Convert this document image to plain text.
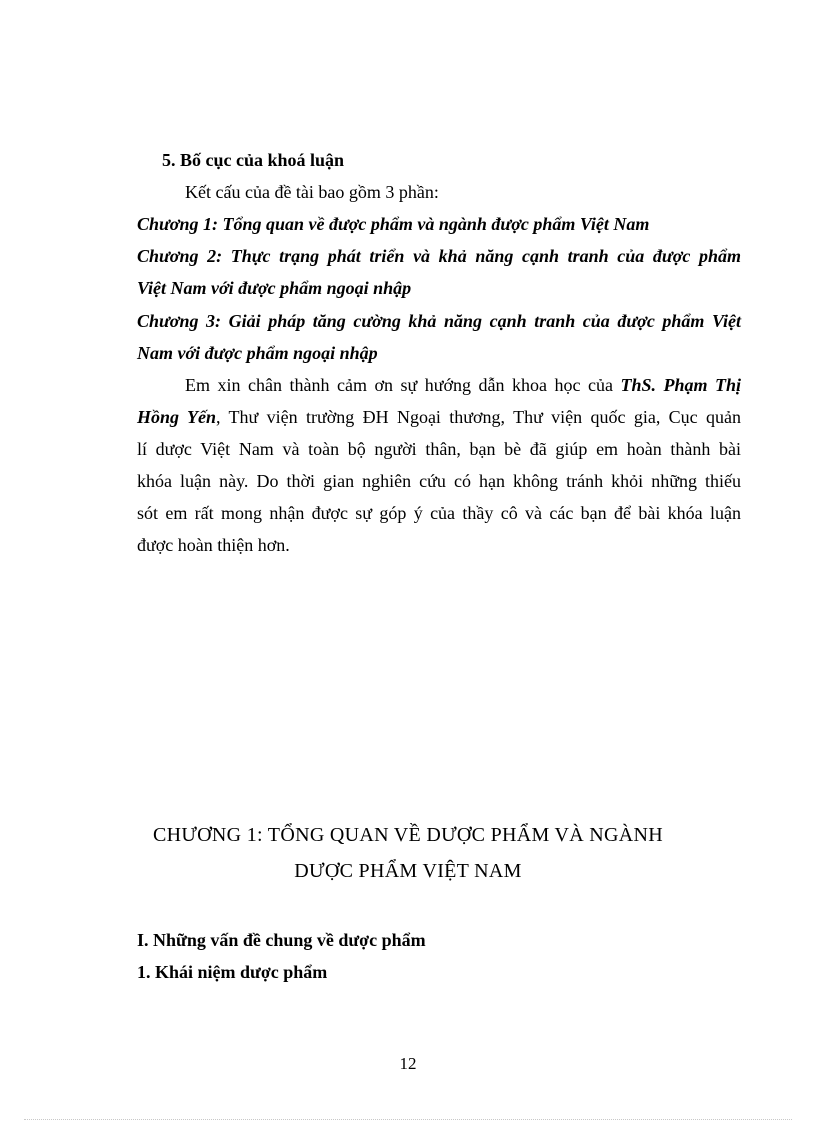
5. Bố cục của khoá luận
Kết cấu của đề tài bao gồm 3 phần:
Chương 1: Tổng quan về được phẩm và ngành được phẩm Việt Nam
Chương 2: Thực trạng phát triển và khả năng cạnh tranh của được phẩm
Việt Nam với được phẩm ngoại nhập
Chương 3: Giải pháp tăng cường khả năng cạnh tranh của được phẩm Việt
Nam với được phẩm ngoại nhập
Em xin chân thành cảm ơn sự hướng dẫn khoa học của ThS. Phạm Thị
Hồng Yến, Thư viện trường ĐH Ngoại thương, Thư viện quốc gia, Cục quản
lí dược Việt Nam và toàn bộ người thân, bạn bè đã giúp em hoàn thành bài
khóa luận này. Do thời gian nghiên cứu có hạn không tránh khỏi những thiếu
sót em rất mong nhận được sự góp ý của thầy cô và các bạn để bài khóa luận
được hoàn thiện hơn.
CHƯƠNG 1: TỔNG QUAN VỀ DƯỢC PHẨM VÀ NGÀNH
DƯỢC PHẨM VIỆT NAM
I. Những vấn đề chung về dược phẩm
1. Khái niệm dược phẩm
12
